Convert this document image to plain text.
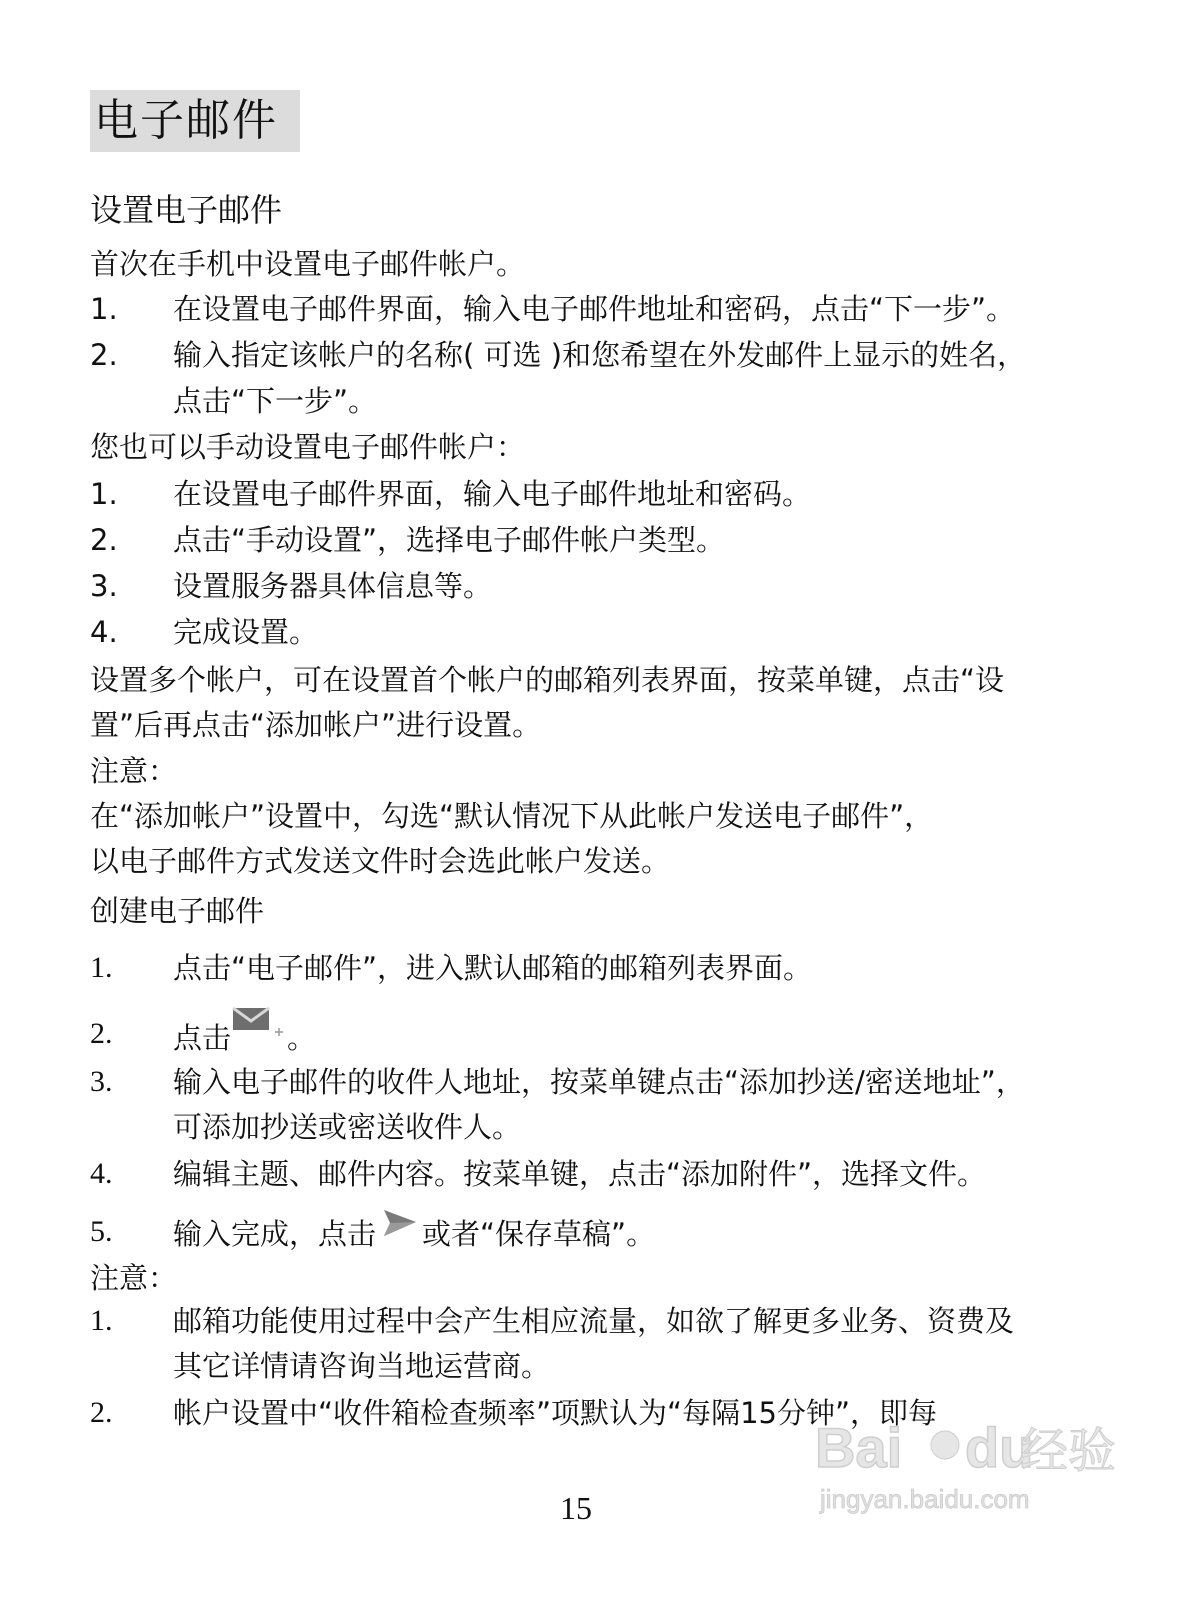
电子邮件
设置电子邮件
首次在手机中设置电子邮件帐户。
1. 在设置电子邮件界面，输入电子邮件地址和密码，点击“下一步”。
2. 输入指定该帐户的名称( 可选 )和您希望在外发邮件上显示的姓名，
点击“下一步”。
您也可以手动设置电子邮件帐户：
1. 在设置电子邮件界面，输入电子邮件地址和密码。
2. 点击“手动设置”，选择电子邮件帐户类型。
3. 设置服务器具体信息等。
4. 完成设置。
设置多个帐户，可在设置首个帐户的邮箱列表界面，按菜单键，点击“设
置”后再点击“添加帐户”进行设置。
注意：
在“添加帐户”设置中，勾选“默认情况下从此帐户发送电子邮件”，
以电子邮件方式发送文件时会选此帐户发送。
创建电子邮件
1. 点击“电子邮件”，进入默认邮箱的邮箱列表界面。
2. 点击 。
3. 输入电子邮件的收件人地址，按菜单键点击“添加抄送/密送地址”，
可添加抄送或密送收件人。
4. 编辑主题、邮件内容。按菜单键，点击“添加附件”，选择文件。
5. 输入完成，点击 或者“保存草稿”。
注意：
1. 邮箱功能使用过程中会产生相应流量，如欲了解更多业务、资费及
其它详情请咨询当地运营商。
2. 帐户设置中“收件箱检查频率”项默认为“每隔15分钟”，即每
Bai du
经验
jingyan.baidu.com
15
